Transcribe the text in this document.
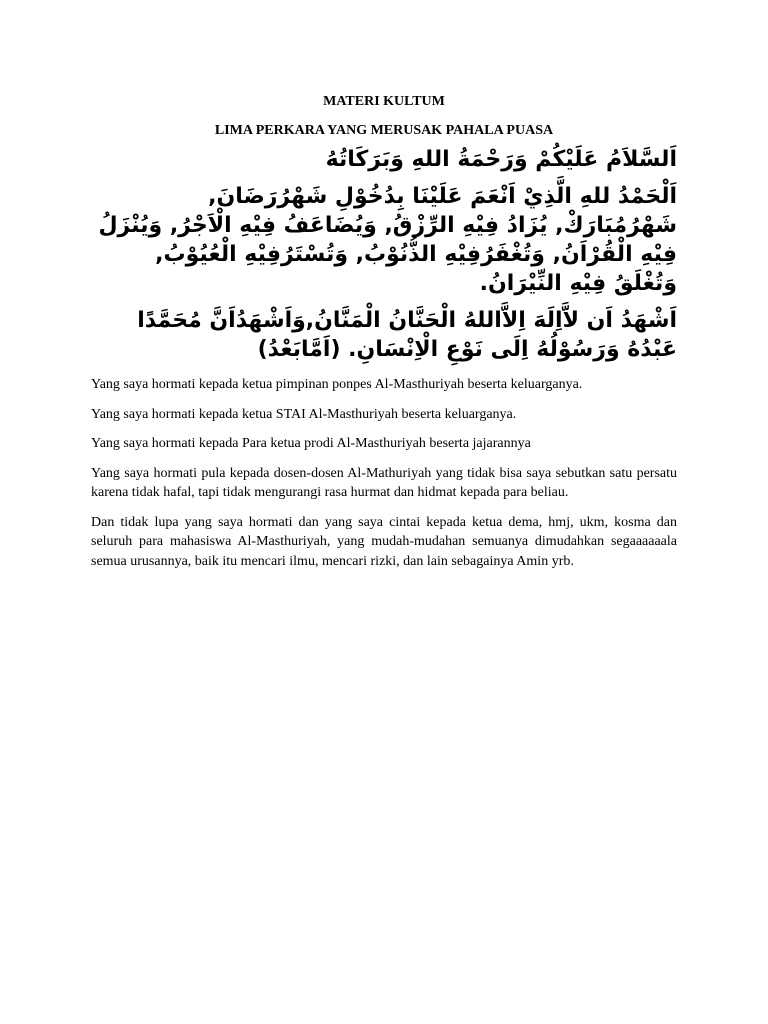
MATERI KULTUM

LIMA PERKARA YANG MERUSAK PAHALA PUASA

اَلسَّلاَمُ عَلَيْكُمْ وَرَحْمَةُ اللهِ وَبَرَكَاتُهُ

اَلْحَمْدُ للهِ الَّذِيْ اَنْعَمَ عَلَيْنَا بِدُخُوْلِ شَهْرُرَضَانَ, شَهْرُمُبَارَكْ, يُزَادُ فِيْهِ الرِّزْقُ, وَيُضَاعَفُ فِيْهِ الْاَجْرُ, وَيُنْزَلُ فِيْهِ الْقُرْاَنُ, وَتُغْفَرُفِيْهِ الذُّنُوْبُ, وَتُسْتَرُفِيْهِ الْعُيُوْبُ, وَتُغْلَقُ فِيْهِ النِّيْرَانُ.

اَشْهَدُ اَن لاَّاِلَهَ اِلاَّاللهُ الْحَنَّانُ الْمَنَّانُ,وَاَشْهَدُاَنَّ مُحَمَّدًا عَبْدُهُ وَرَسُوْلُهُ اِلَى نَوْعِ الْاِنْسَانِ. (اَمَّابَعْدُ)

Yang saya hormati kepada ketua pimpinan ponpes Al-Masthuriyah beserta keluarganya.

Yang saya hormati kepada ketua STAI Al-Masthuriyah beserta keluarganya.

Yang saya hormati kepada Para ketua prodi Al-Masthuriyah beserta jajarannya

Yang saya hormati pula kepada dosen-dosen Al-Mathuriyah yang tidak bisa saya sebutkan satu persatu karena tidak hafal, tapi tidak mengurangi rasa hurmat dan hidmat kepada para beliau.

Dan tidak lupa yang saya hormati dan yang saya cintai kepada ketua dema, hmj, ukm, kosma dan seluruh para mahasiswa Al-Masthuriyah, yang mudah-mudahan semuanya dimudahkan segaaaaaala semua urusannya, baik itu mencari ilmu, mencari rizki, dan lain sebagainya Amin yrb.
